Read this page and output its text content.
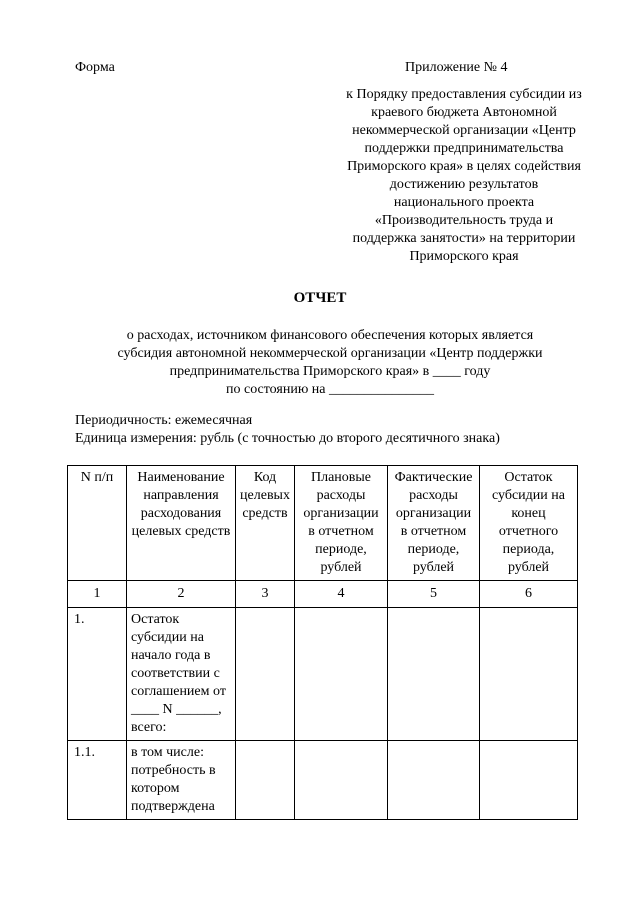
Форма	Приложение № 4
к Порядку предоставления субсидии из
краевого бюджета Автономной
некоммерческой организации «Центр
поддержки предпринимательства
Приморского края» в целях содействия
достижению результатов
национального проекта
«Производительность труда и
поддержка занятости» на территории
Приморского края
ОТЧЕТ
о расходах, источником финансового обеспечения которых является
субсидия автономной некоммерческой организации «Центр поддержки
предпринимательства Приморского края» в ____ году
по состоянию на _______________
Периодичность: ежемесячная
Единица измерения: рубль (с точностью до второго десятичного знака)
N п/п	Наименование направления расходования целевых средств	Код целевых средств	Плановые расходы организации в отчетном периоде, рублей	Фактические расходы организации в отчетном периоде, рублей	Остаток субсидии на конец отчетного периода, рублей
1	2	3	4	5	6
1.	Остаток субсидии на начало года в соответствии с соглашением от ____ N ______, всего:				
1.1.	в том числе: потребность в котором подтверждена				
